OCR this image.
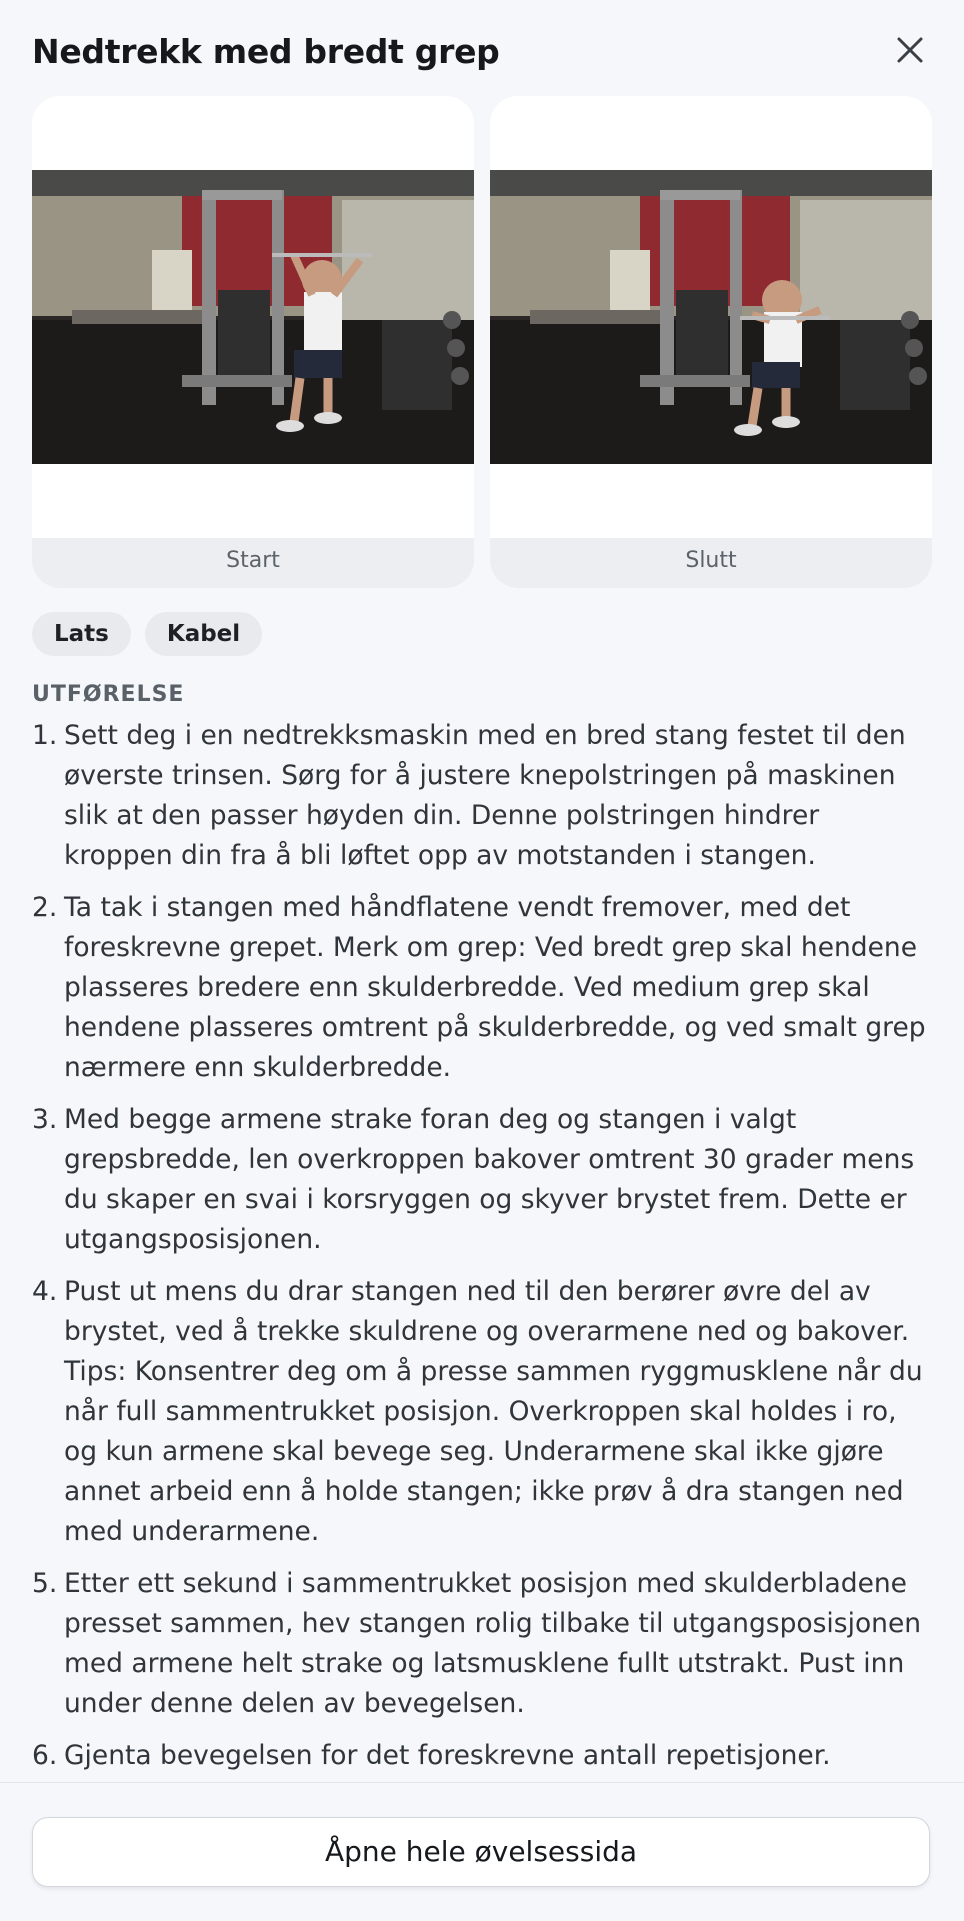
Nedtrekk med bredt grep
Start	Slutt
Lats	Kabel
UTFØRELSE
1. Sett deg i en nedtrekksmaskin med en bred stang festet til den øverste trinsen. Sørg for å justere knepolstringen på maskinen slik at den passer høyden din. Denne polstringen hindrer kroppen din fra å bli løftet opp av motstanden i stangen.
2. Ta tak i stangen med håndflatene vendt fremover, med det foreskrevne grepet. Merk om grep: Ved bredt grep skal hendene plasseres bredere enn skulderbredde. Ved medium grep skal hendene plasseres omtrent på skulderbredde, og ved smalt grep nærmere enn skulderbredde.
3. Med begge armene strake foran deg og stangen i valgt grepsbredde, len overkroppen bakover omtrent 30 grader mens du skaper en svai i korsryggen og skyver brystet frem. Dette er utgangsposisjonen.
4. Pust ut mens du drar stangen ned til den berører øvre del av brystet, ved å trekke skuldrene og overarmene ned og bakover. Tips: Konsentrer deg om å presse sammen ryggmusklene når du når full sammentrukket posisjon. Overkroppen skal holdes i ro, og kun armene skal bevege seg. Underarmene skal ikke gjøre annet arbeid enn å holde stangen; ikke prøv å dra stangen ned med underarmene.
5. Etter ett sekund i sammentrukket posisjon med skulderbladene presset sammen, hev stangen rolig tilbake til utgangsposisjonen med armene helt strake og latsmusklene fullt utstrakt. Pust inn under denne delen av bevegelsen.
6. Gjenta bevegelsen for det foreskrevne antall repetisjoner.
Åpne hele øvelsessida
